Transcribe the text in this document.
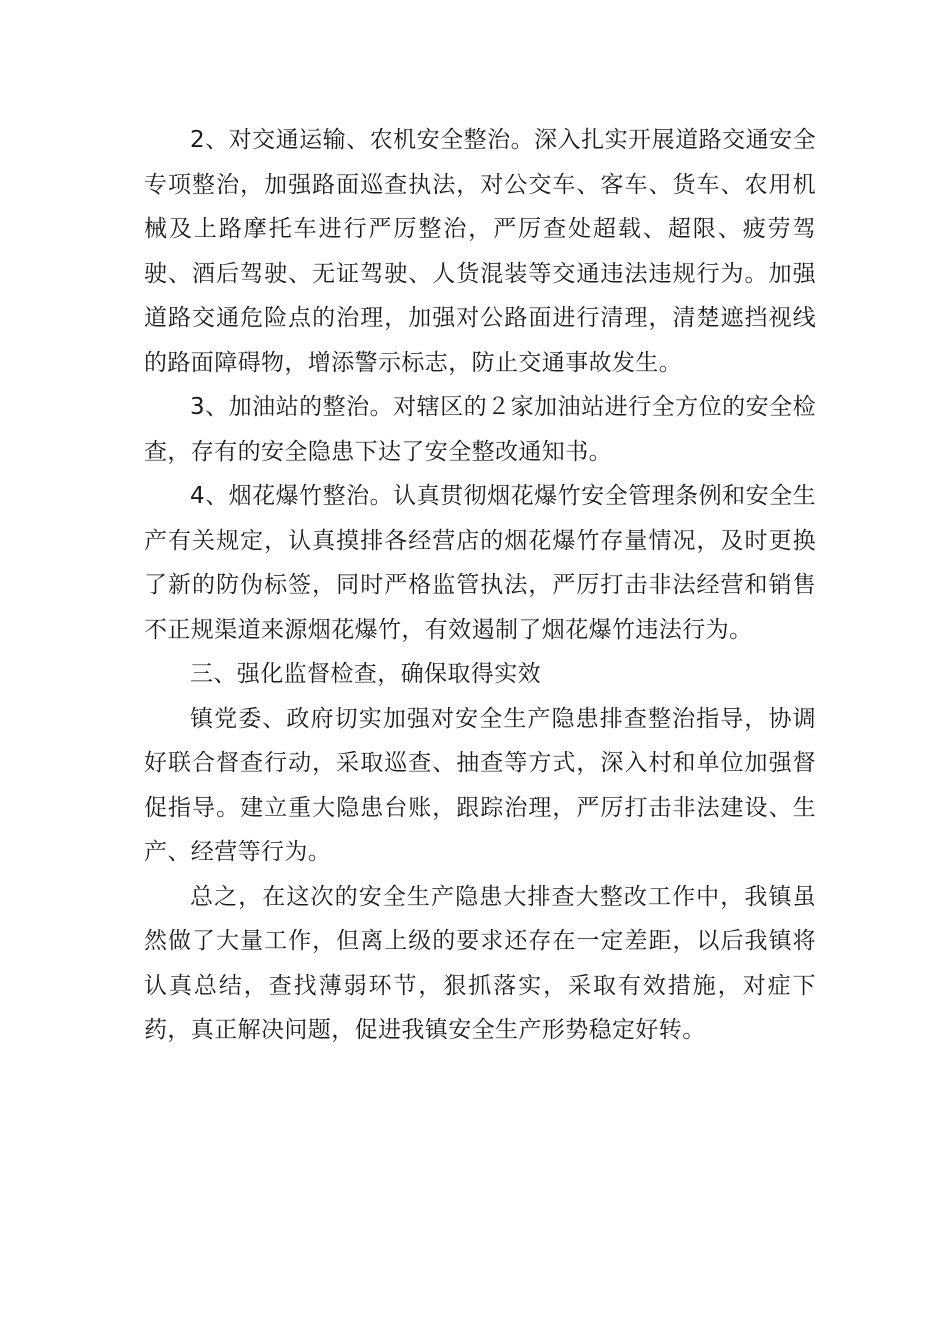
2、对交通运输、农机安全整治。深入扎实开展道路交通安全专项整治，加强路面巡查执法，对公交车、客车、货车、农用机械及上路摩托车进行严厉整治，严厉查处超载、超限、疲劳驾驶、酒后驾驶、无证驾驶、人货混装等交通违法违规行为。加强道路交通危险点的治理，加强对公路面进行清理，清楚遮挡视线的路面障碍物，增添警示标志，防止交通事故发生。

3、加油站的整治。对辖区的２家加油站进行全方位的安全检查，存有的安全隐患下达了安全整改通知书。

4、烟花爆竹整治。认真贯彻烟花爆竹安全管理条例和安全生产有关规定，认真摸排各经营店的烟花爆竹存量情况，及时更换了新的防伪标签，同时严格监管执法，严厉打击非法经营和销售不正规渠道来源烟花爆竹，有效遏制了烟花爆竹违法行为。

三、强化监督检查，确保取得实效

镇党委、政府切实加强对安全生产隐患排查整治指导，协调好联合督查行动，采取巡查、抽查等方式，深入村和单位加强督促指导。建立重大隐患台账，跟踪治理，严厉打击非法建设、生产、经营等行为。

总之，在这次的安全生产隐患大排查大整改工作中，我镇虽然做了大量工作，但离上级的要求还存在一定差距，以后我镇将认真总结，查找薄弱环节，狠抓落实，采取有效措施，对症下药，真正解决问题，促进我镇安全生产形势稳定好转。
